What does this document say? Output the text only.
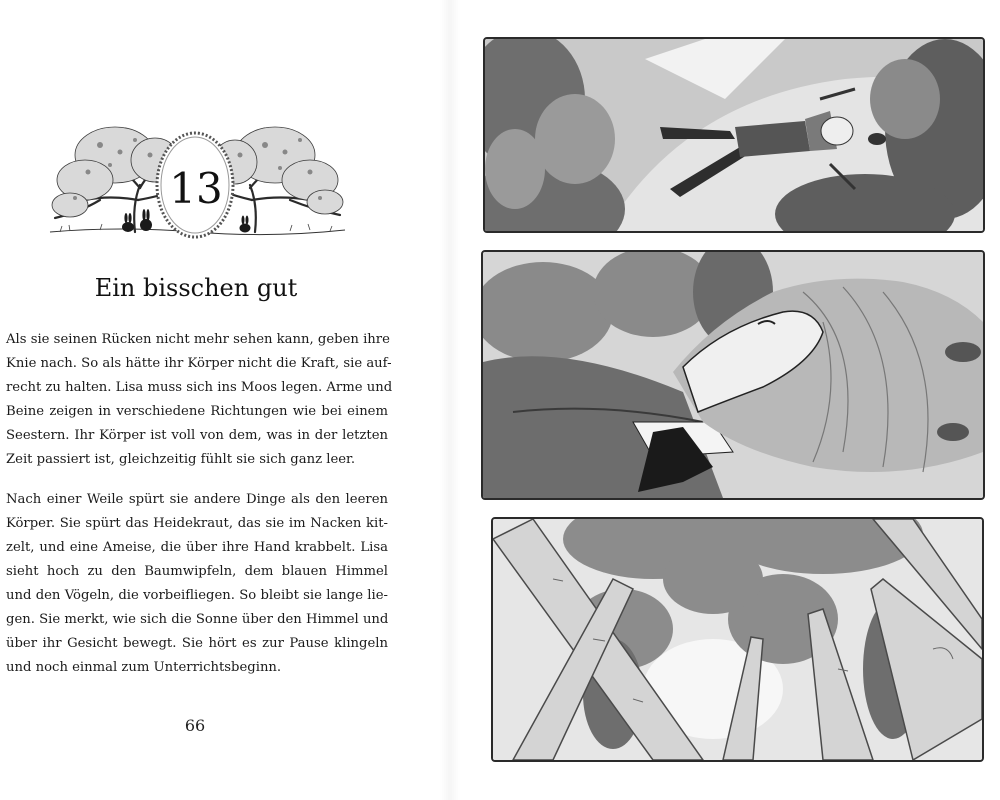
13
Ein bisschen gut
Als sie seinen Rücken nicht mehr sehen kann, geben ihre
Knie nach. So als hätte ihr Körper nicht die Kraft, sie auf-
recht zu halten. Lisa muss sich ins Moos legen. Arme und
Beine zeigen in verschiedene Richtungen wie bei einem
Seestern. Ihr Körper ist voll von dem, was in der letzten
Zeit passiert ist, gleichzeitig fühlt sie sich ganz leer.
Nach einer Weile spürt sie andere Dinge als den leeren
Körper. Sie spürt das Heidekraut, das sie im Nacken kit-
zelt, und eine Ameise, die über ihre Hand krabbelt. Lisa
sieht hoch zu den Baumwipfeln, dem blauen Himmel
und den Vögeln, die vorbeifliegen. So bleibt sie lange lie-
gen. Sie merkt, wie sich die Sonne über den Himmel und
über ihr Gesicht bewegt. Sie hört es zur Pause klingeln
und noch einmal zum Unterrichtsbeginn.
66
